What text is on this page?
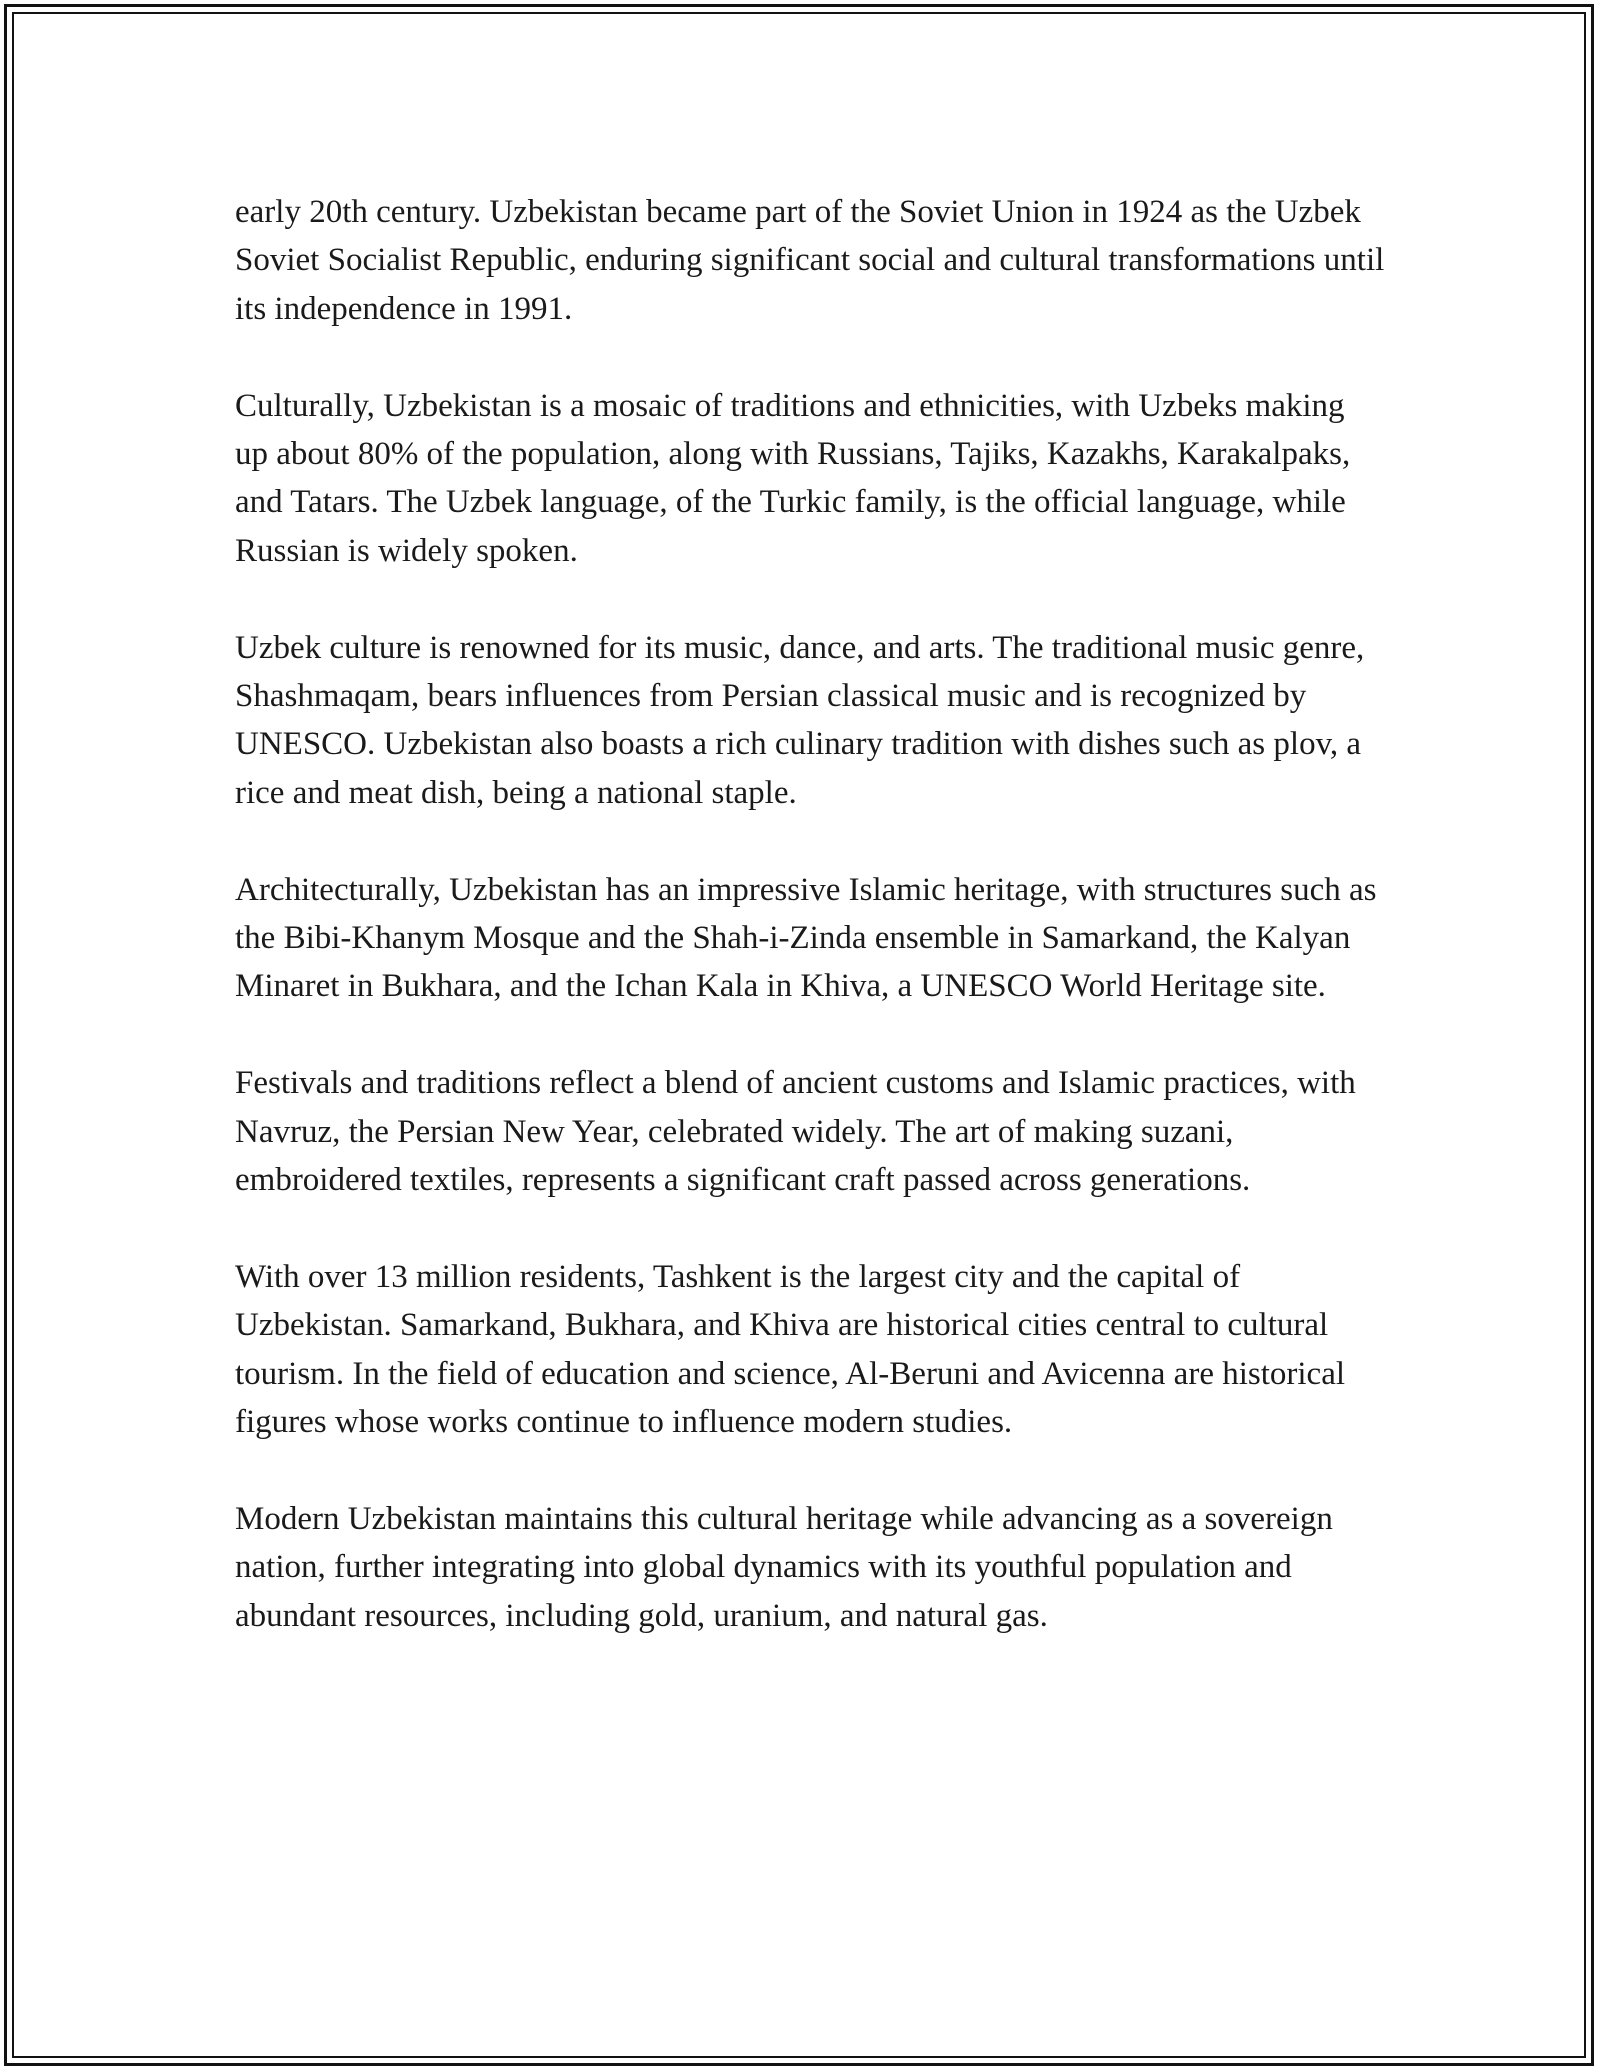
early 20th century. Uzbekistan became part of the Soviet Union in 1924 as the Uzbek Soviet Socialist Republic, enduring significant social and cultural transformations until its independence in 1991.

Culturally, Uzbekistan is a mosaic of traditions and ethnicities, with Uzbeks making up about 80% of the population, along with Russians, Tajiks, Kazakhs, Karakalpaks, and Tatars. The Uzbek language, of the Turkic family, is the official language, while Russian is widely spoken.

Uzbek culture is renowned for its music, dance, and arts. The traditional music genre, Shashmaqam, bears influences from Persian classical music and is recognized by UNESCO. Uzbekistan also boasts a rich culinary tradition with dishes such as plov, a rice and meat dish, being a national staple.

Architecturally, Uzbekistan has an impressive Islamic heritage, with structures such as the Bibi-Khanym Mosque and the Shah-i-Zinda ensemble in Samarkand, the Kalyan Minaret in Bukhara, and the Ichan Kala in Khiva, a UNESCO World Heritage site.

Festivals and traditions reflect a blend of ancient customs and Islamic practices, with Navruz, the Persian New Year, celebrated widely. The art of making suzani, embroidered textiles, represents a significant craft passed across generations.

With over 13 million residents, Tashkent is the largest city and the capital of Uzbekistan. Samarkand, Bukhara, and Khiva are historical cities central to cultural tourism. In the field of education and science, Al-Beruni and Avicenna are historical figures whose works continue to influence modern studies.

Modern Uzbekistan maintains this cultural heritage while advancing as a sovereign nation, further integrating into global dynamics with its youthful population and abundant resources, including gold, uranium, and natural gas.
